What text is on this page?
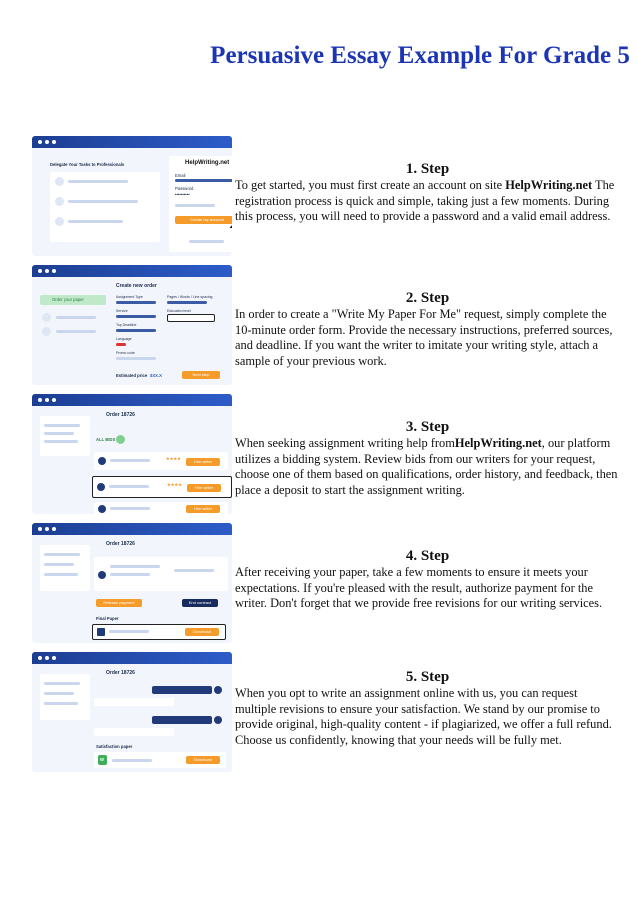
Persuasive Essay Example For Grade 5
Delegate Your Tasks to Professionals	HelpWriting.net
Email
Password
••••••••••
Create my account
Order your paper
Create new order
Assignment Type	Pages / Words / Line spacing
Service	Education level
Top Deadline
Language
Promo code
Estimated price $XX.X	Next step
Order 18726
ALL BIDS
★★★★
Hire writer
★★★★
Hire writer
Hire writer
Order 18726
Release payment	End contract
Final Paper
Download
Order 18726
Satisfaction paper
W	Download
1. Step

To get started, you must first create an account on site HelpWriting.net The registration process is quick and simple, taking just a few moments. During this process, you will need to provide a password and a valid email address.

2. Step

In order to create a "Write My Paper For Me" request, simply complete the 10-minute order form. Provide the necessary instructions, preferred sources, and deadline. If you want the writer to imitate your writing style, attach a sample of your previous work.

3. Step

When seeking assignment writing help fromHelpWriting.net, our platform utilizes a bidding system. Review bids from our writers for your request, choose one of them based on qualifications, order history, and feedback, then place a deposit to start the assignment writing.

4. Step

After receiving your paper, take a few moments to ensure it meets your expectations. If you're pleased with the result, authorize payment for the writer. Don't forget that we provide free revisions for our writing services.

5. Step

When you opt to write an assignment online with us, you can request multiple revisions to ensure your satisfaction. We stand by our promise to provide original, high-quality content - if plagiarized, we offer a full refund. Choose us confidently, knowing that your needs will be fully met.
